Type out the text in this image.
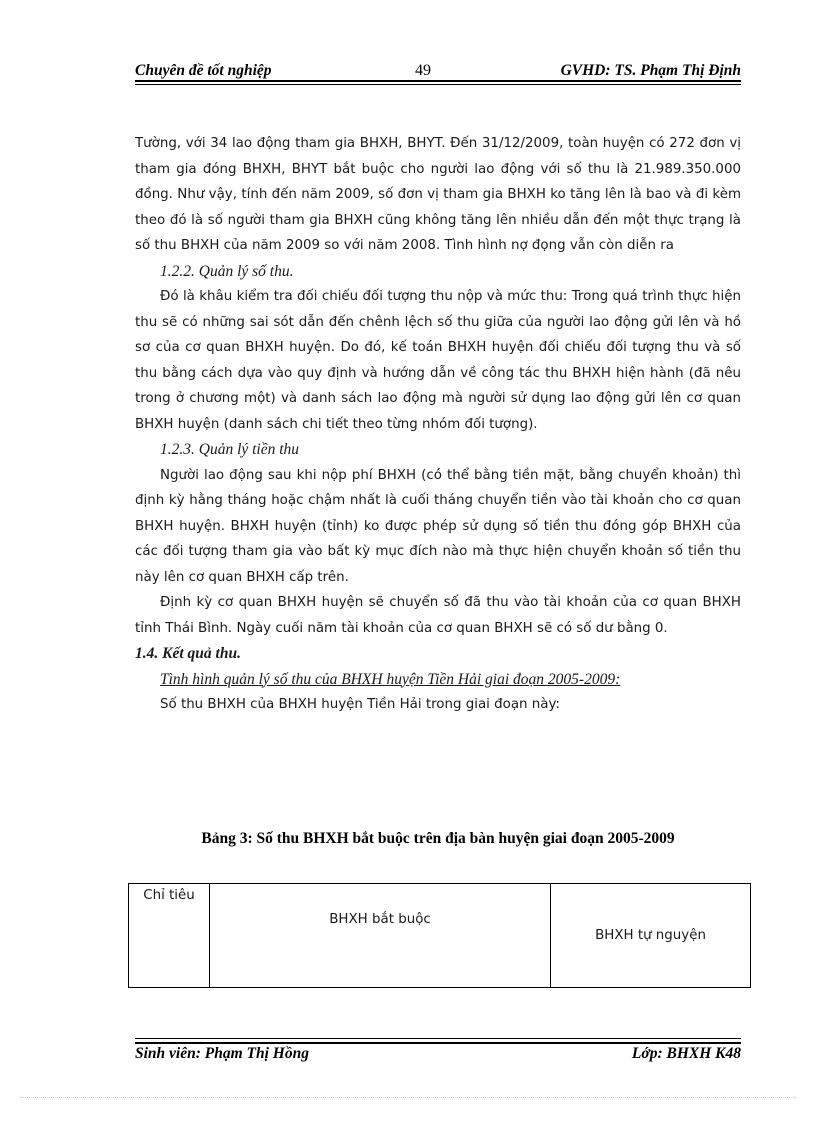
Chuyên đề tốt nghiệp	49	GVHD: TS. Phạm Thị Định

Tường, với 34 lao động tham gia BHXH, BHYT. Đến 31/12/2009, toàn huyện có 272 đơn vị tham gia đóng BHXH, BHYT bắt buộc cho người lao động với số thu là 21.989.350.000 đồng. Như vậy, tính đến năm 2009, số đơn vị tham gia BHXH ko tăng lên là bao và đi kèm theo đó là số người tham gia BHXH cũng không tăng lên nhiều dẫn đến một thực trạng là số thu BHXH của năm 2009 so với năm 2008. Tình hình nợ đọng vẫn còn diễn ra

1.2.2. Quản lý số thu.

Đó là khâu kiểm tra đối chiếu đối tượng thu nộp và mức thu: Trong quá trình thực hiện thu sẽ có những sai sót dẫn đến chênh lệch số thu giữa của người lao động gửi lên và hồ sơ của cơ quan BHXH huyện. Do đó, kế toán BHXH huyện đối chiếu đối tượng thu và số thu bằng cách dựa vào quy định và hướng dẫn về công tác thu BHXH hiện hành (đã nêu trong ở chương một) và danh sách lao động mà người sử dụng lao động gửi lên cơ quan BHXH huyện (danh sách chi tiết theo từng nhóm đối tượng).

1.2.3. Quản lý tiền thu

Người lao động sau khi nộp phí BHXH (có thể bằng tiền mặt, bằng chuyển khoản) thì định kỳ hằng tháng hoặc chậm nhất là cuối tháng chuyển tiền vào tài khoản cho cơ quan BHXH huyện. BHXH huyện (tỉnh) ko được phép sử dụng số tiền thu đóng góp BHXH của các đối tượng tham gia vào bất kỳ mục đích nào mà thực hiện chuyển khoản số tiền thu này lên cơ quan BHXH cấp trên.

Định kỳ cơ quan BHXH huyện sẽ chuyển số đã thu vào tài khoản của cơ quan BHXH tỉnh Thái Bình. Ngày cuối năm tài khoản của cơ quan BHXH sẽ có số dư bằng 0.

1.4. Kết quả thu.

Tình hình quản lý số thu của BHXH huyện Tiền Hải giai đoạn 2005-2009:

Số thu BHXH của BHXH huyện Tiền Hải trong giai đoạn này:

Bảng 3: Số thu BHXH bắt buộc trên địa bàn huyện giai đoạn 2005-2009
Chỉ tiêu	BHXH bắt buộc	BHXH tự nguyện
Sinh viên: Phạm Thị Hồng	Lớp: BHXH K48
